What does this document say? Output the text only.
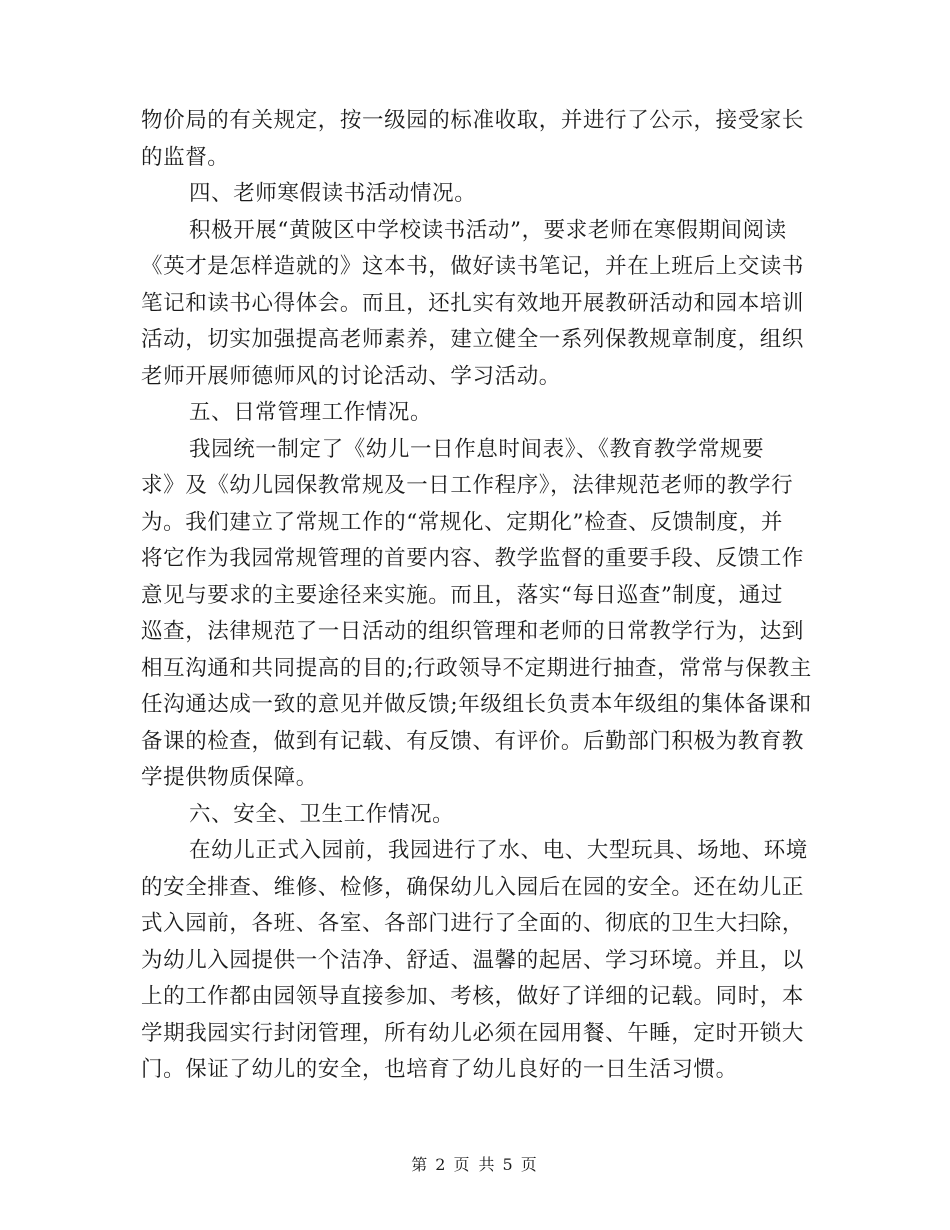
物价局的有关规定，按一级园的标准收取，并进行了公示，接受家长
的监督。
四、老师寒假读书活动情况。
积极开展“黄陂区中学校读书活动”，要求老师在寒假期间阅读
《英才是怎样造就的》这本书，做好读书笔记，并在上班后上交读书
笔记和读书心得体会。而且，还扎实有效地开展教研活动和园本培训
活动，切实加强提高老师素养，建立健全一系列保教规章制度，组织
老师开展师德师风的讨论活动、学习活动。
五、日常管理工作情况。
我园统一制定了《幼儿一日作息时间表》、《教育教学常规要
求》及《幼儿园保教常规及一日工作程序》，法律规范老师的教学行
为。我们建立了常规工作的“常规化、定期化”检查、反馈制度，并
将它作为我园常规管理的首要内容、教学监督的重要手段、反馈工作
意见与要求的主要途径来实施。而且，落实“每日巡查”制度，通过
巡查，法律规范了一日活动的组织管理和老师的日常教学行为，达到
相互沟通和共同提高的目的;行政领导不定期进行抽查，常常与保教主
任沟通达成一致的意见并做反馈;年级组长负责本年级组的集体备课和
备课的检查，做到有记载、有反馈、有评价。后勤部门积极为教育教
学提供物质保障。
六、安全、卫生工作情况。
在幼儿正式入园前，我园进行了水、电、大型玩具、场地、环境
的安全排查、维修、检修，确保幼儿入园后在园的安全。还在幼儿正
式入园前，各班、各室、各部门进行了全面的、彻底的卫生大扫除，
为幼儿入园提供一个洁净、舒适、温馨的起居、学习环境。并且，以
上的工作都由园领导直接参加、考核，做好了详细的记载。同时，本
学期我园实行封闭管理，所有幼儿必须在园用餐、午睡，定时开锁大
门。保证了幼儿的安全，也培育了幼儿良好的一日生活习惯。
第 2 页 共 5 页
